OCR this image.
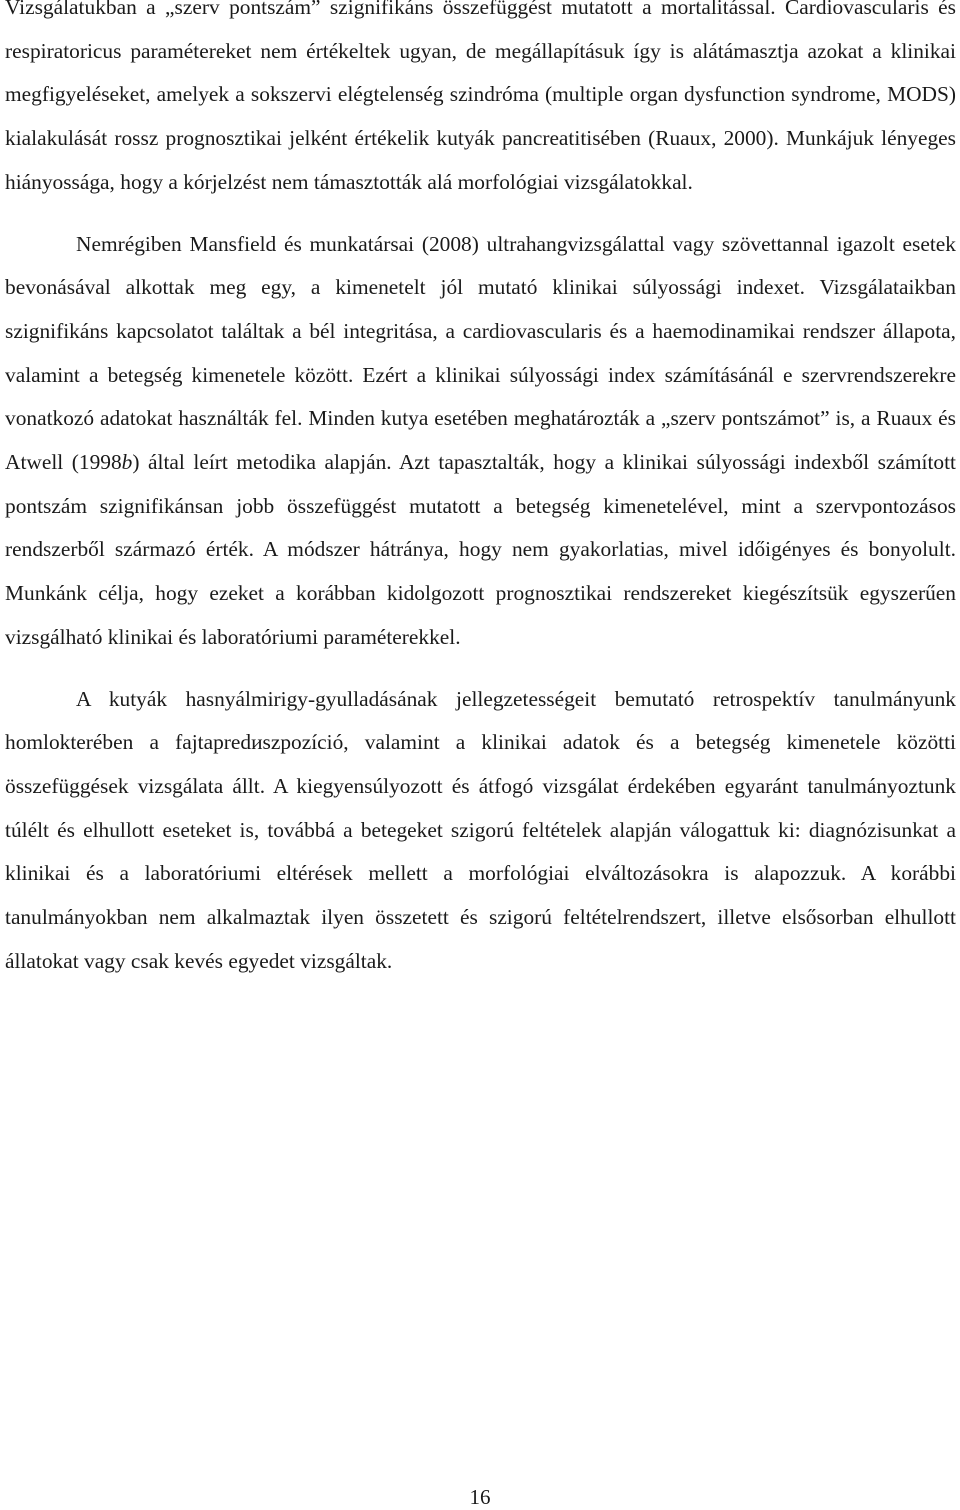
Vizsgálatukban a „szerv pontszám” szignifikáns összefüggést mutatott a mortalitással. Cardiovascularis és respiratoricus paramétereket nem értékeltek ugyan, de megállapításuk így is alátámasztja azokat a klinikai megfigyeléseket, amelyek a sokszervi elégtelenség szindróma (multiple organ dysfunction syndrome, MODS) kialakulását rossz prognosztikai jelként értékelik kutyák pancreatitisében (Ruaux, 2000). Munkájuk lényeges hiányossága, hogy a kórjelzést nem támasztották alá morfológiai vizsgálatokkal.

Nemrégiben Mansfield és munkatársai (2008) ultrahangvizsgálattal vagy szövettannal igazolt esetek bevonásával alkottak meg egy, a kimenetelt jól mutató klinikai súlyossági indexet. Vizsgálataikban szignifikáns kapcsolatot találtak a bél integritása, a cardiovascularis és a haemodinamikai rendszer állapota, valamint a betegség kimenetele között. Ezért a klinikai súlyossági index számításánál e szervrendszerekre vonatkozó adatokat használták fel. Minden kutya esetében meghatározták a „szerv pontszámot” is, a Ruaux és Atwell (1998b) által leírt metodika alapján. Azt tapasztalták, hogy a klinikai súlyossági indexből számított pontszám szignifikánsan jobb összefüggést mutatott a betegség kimenetelével, mint a szervpontozásos rendszerből származó érték. A módszer hátránya, hogy nem gyakorlatias, mivel időigényes és bonyolult. Munkánk célja, hogy ezeket a korábban kidolgozott prognosztikai rendszereket kiegészítsük egyszerűen vizsgálható klinikai és laboratóriumi paraméterekkel.

A kutyák hasnyálmirigy-gyulladásának jellegzetességeit bemutató retrospektív tanulmányunk homlokterében a fajtapredиszpozíció, valamint a klinikai adatok és a betegség kimenetele közötti összefüggések vizsgálata állt. A kiegyensúlyozott és átfogó vizsgálat érdekében egyaránt tanulmányoztunk túlélt és elhullott eseteket is, továbbá a betegeket szigorú feltételek alapján válogattuk ki: diagnózisunkat a klinikai és a laboratóriumi eltérések mellett a morfológiai elváltozásokra is alapozzuk. A korábbi tanulmányokban nem alkalmaztak ilyen összetett és szigorú feltételrendszert, illetve elsősorban elhullott állatokat vagy csak kevés egyedet vizsgáltak.

16
